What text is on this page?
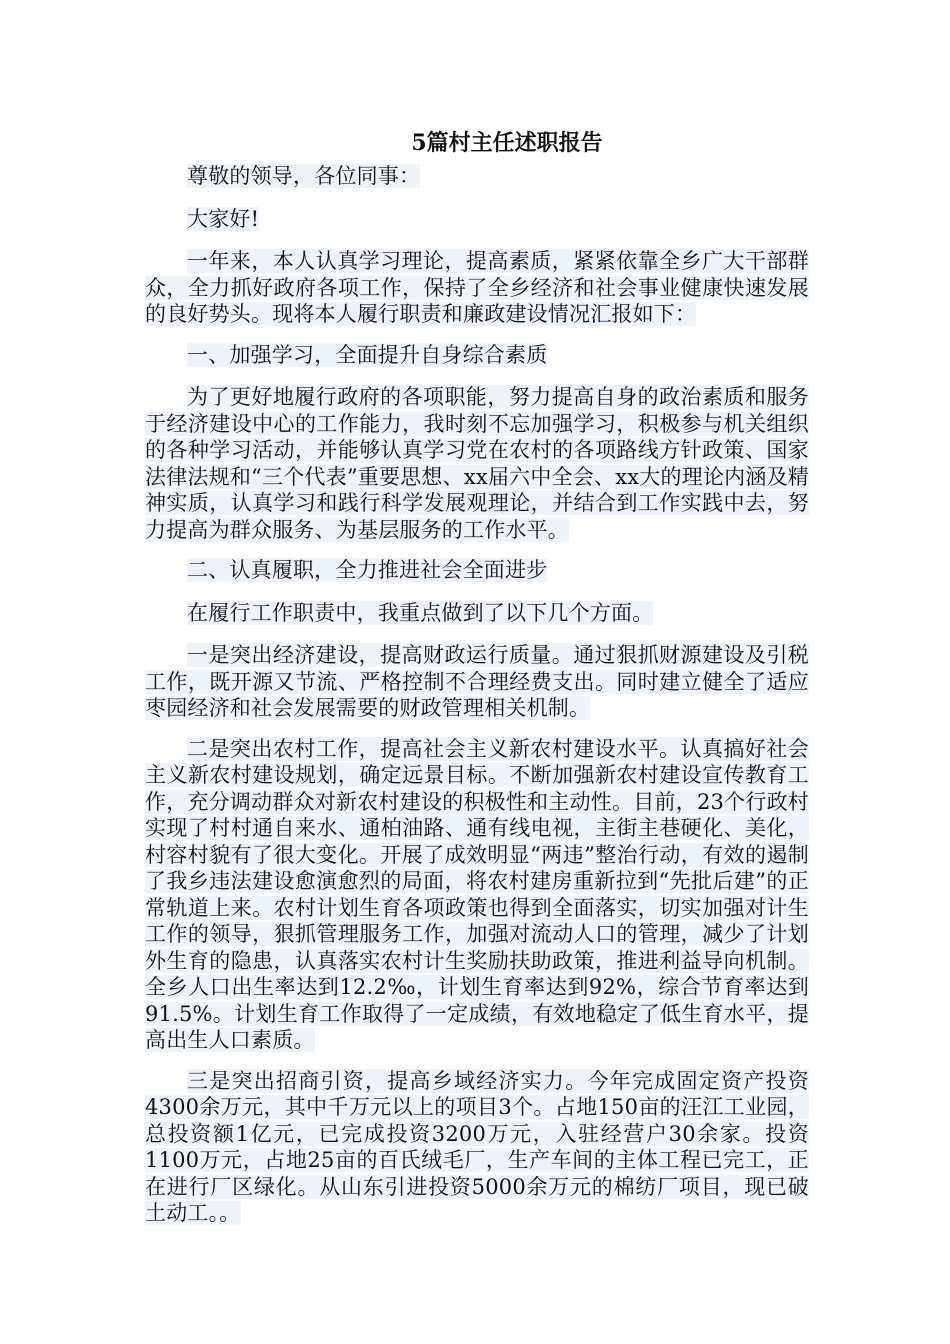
5篇村主任述职报告

尊敬的领导，各位同事：

大家好!

一年来，本人认真学习理论，提高素质，紧紧依靠全乡广大干部群众，全力抓好政府各项工作，保持了全乡经济和社会事业健康快速发展的良好势头。现将本人履行职责和廉政建设情况汇报如下：

一、加强学习，全面提升自身综合素质

为了更好地履行政府的各项职能，努力提高自身的政治素质和服务于经济建设中心的工作能力，我时刻不忘加强学习，积极参与机关组织的各种学习活动，并能够认真学习党在农村的各项路线方针政策、国家法律法规和“三个代表”重要思想、xx届六中全会、xx大的理论内涵及精神实质，认真学习和践行科学发展观理论，并结合到工作实践中去，努力提高为群众服务、为基层服务的工作水平。

二、认真履职，全力推进社会全面进步

在履行工作职责中，我重点做到了以下几个方面。

一是突出经济建设，提高财政运行质量。通过狠抓财源建设及引税工作，既开源又节流、严格控制不合理经费支出。同时建立健全了适应枣园经济和社会发展需要的财政管理相关机制。

二是突出农村工作，提高社会主义新农村建设水平。认真搞好社会主义新农村建设规划，确定远景目标。不断加强新农村建设宣传教育工作，充分调动群众对新农村建设的积极性和主动性。目前，23个行政村实现了村村通自来水、通柏油路、通有线电视，主街主巷硬化、美化，村容村貌有了很大变化。开展了成效明显“两违”整治行动，有效的遏制了我乡违法建设愈演愈烈的局面，将农村建房重新拉到“先批后建”的正常轨道上来。农村计划生育各项政策也得到全面落实，切实加强对计生工作的领导，狠抓管理服务工作，加强对流动人口的管理，减少了计划外生育的隐患，认真落实农村计生奖励扶助政策，推进利益导向机制。全乡人口出生率达到12.2‰，计划生育率达到92%，综合节育率达到91.5%。计划生育工作取得了一定成绩，有效地稳定了低生育水平，提高出生人口素质。

三是突出招商引资，提高乡域经济实力。今年完成固定资产投资4300余万元，其中千万元以上的项目3个。占地150亩的汪江工业园，总投资额1亿元，已完成投资3200万元，入驻经营户30余家。投资1100万元，占地25亩的百氏绒毛厂，生产车间的主体工程已完工，正在进行厂区绿化。从山东引进投资5000余万元的棉纺厂项目，现已破土动工。。
